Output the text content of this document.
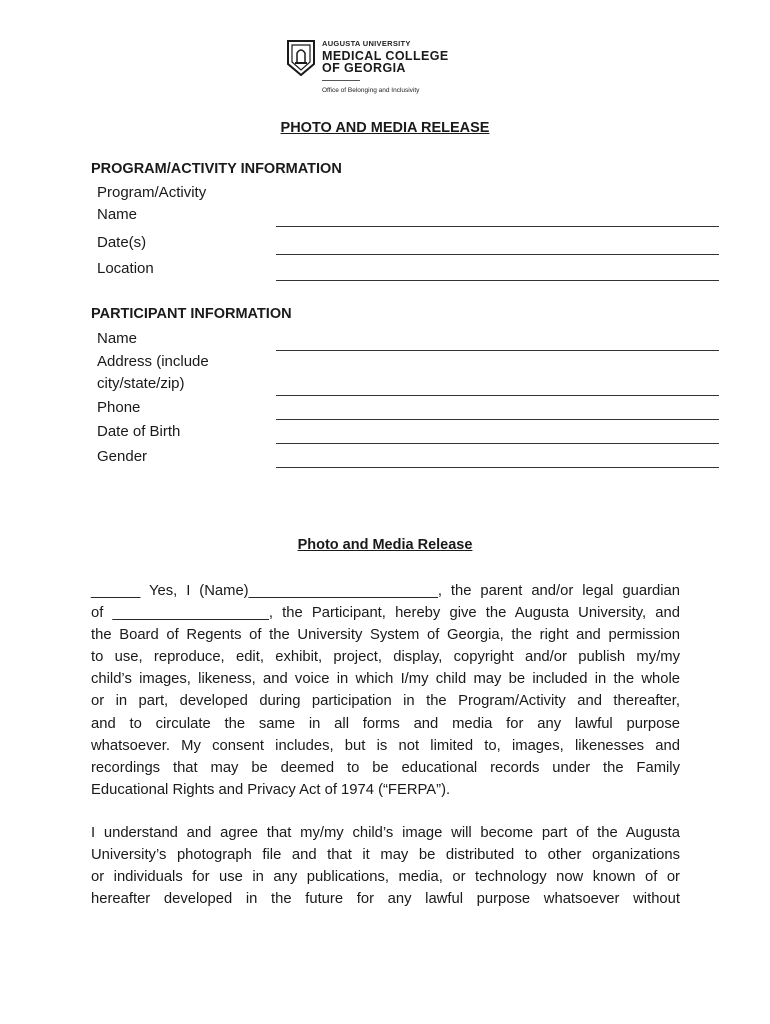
AUGUSTA UNIVERSITY
MEDICAL COLLEGE
OF GEORGIA
Office of Belonging and Inclusivity
PHOTO AND MEDIA RELEASE
PROGRAM/ACTIVITY INFORMATION
Program/Activity
Name
Date(s)
Location
PARTICIPANT INFORMATION
Name
Address (include
city/state/zip)
Phone
Date of Birth
Gender
Photo and Media Release
______ Yes, I (Name)_______________________, the parent and/or legal guardian
of ___________________, the Participant, hereby give the Augusta University, and
the Board of Regents of the University System of Georgia, the right and permission
to use, reproduce, edit, exhibit, project, display, copyright and/or publish my/my
child’s images, likeness, and voice in which I/my child may be included in the whole
or in part, developed during participation in the Program/Activity and thereafter,
and to circulate the same in all forms and media for any lawful purpose
whatsoever. My consent includes, but is not limited to, images, likenesses and
recordings that may be deemed to be educational records under the Family
Educational Rights and Privacy Act of 1974 (“FERPA”).
I understand and agree that my/my child’s image will become part of the Augusta
University’s photograph file and that it may be distributed to other organizations
or individuals for use in any publications, media, or technology now known of or
hereafter developed in the future for any lawful purpose whatsoever without
